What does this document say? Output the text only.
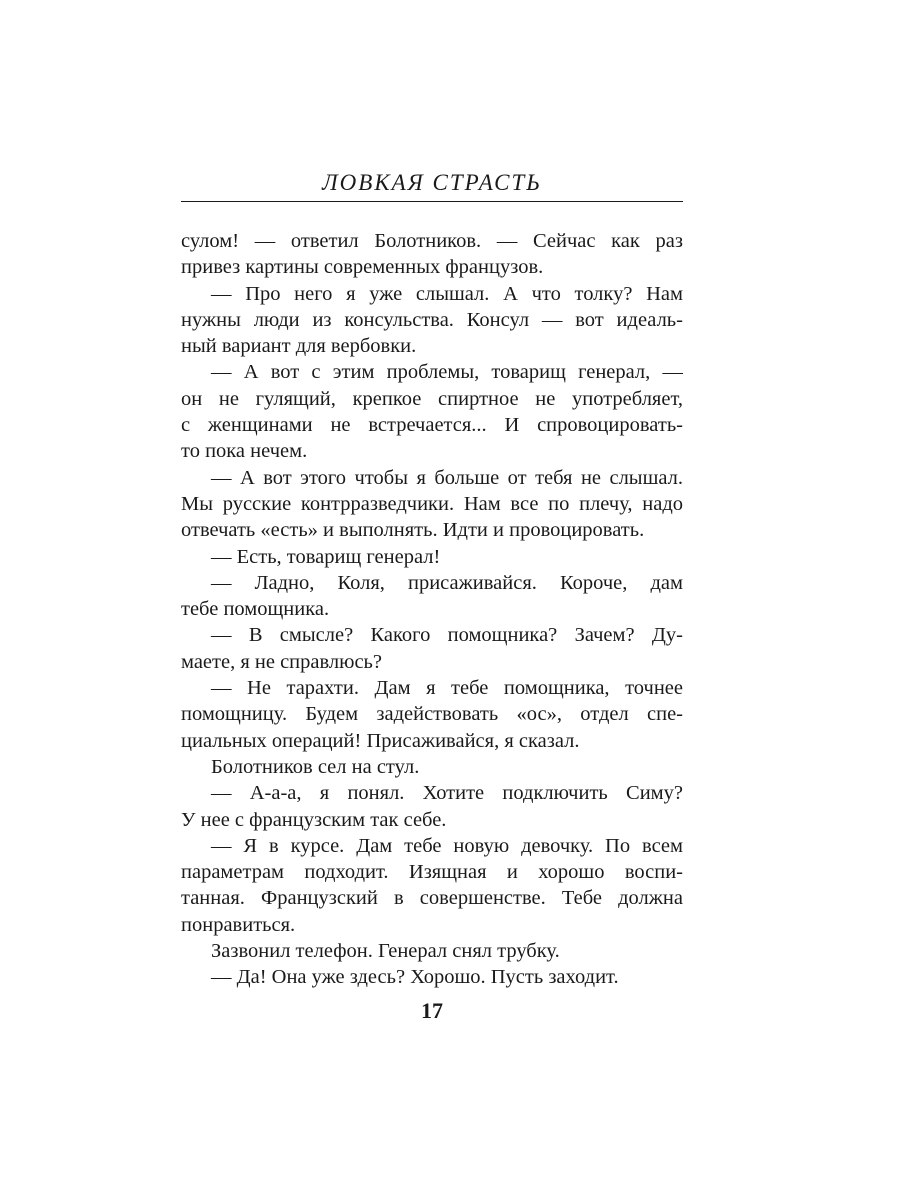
ЛОВКАЯ СТРАСТЬ
сулом! — ответил Болотников. — Сейчас как раз
привез картины современных французов.
— Про него я уже слышал. А что толку? Нам
нужны люди из консульства. Консул — вот идеаль-
ный вариант для вербовки.
— А вот с этим проблемы, товарищ генерал, —
он не гулящий, крепкое спиртное не употребляет,
с женщинами не встречается... И спровоцировать-
то пока нечем.
— А вот этого чтобы я больше от тебя не слышал.
Мы русские контрразведчики. Нам все по плечу, надо
отвечать «есть» и выполнять. Идти и провоцировать.
— Есть, товарищ генерал!
— Ладно, Коля, присаживайся. Короче, дам
тебе помощника.
— В смысле? Какого помощника? Зачем? Ду-
маете, я не справлюсь?
— Не тарахти. Дам я тебе помощника, точнее
помощницу. Будем задействовать «ос», отдел спе-
циальных операций! Присаживайся, я сказал.
Болотников сел на стул.
— А-а-а, я понял. Хотите подключить Симу?
У нее с французским так себе.
— Я в курсе. Дам тебе новую девочку. По всем
параметрам подходит. Изящная и хорошо воспи-
танная. Французский в совершенстве. Тебе должна
понравиться.
Зазвонил телефон. Генерал снял трубку.
— Да! Она уже здесь? Хорошо. Пусть заходит.
17
